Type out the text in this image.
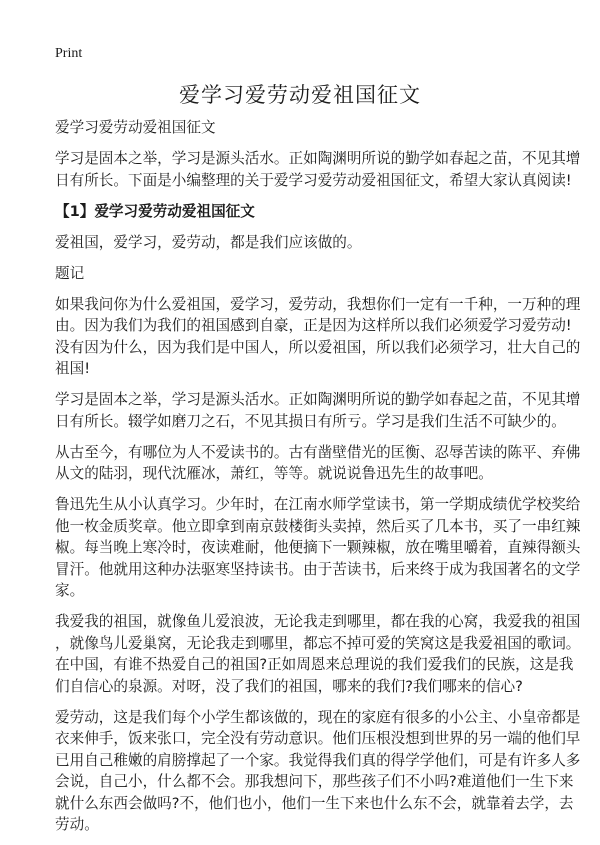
Print
爱学习爱劳动爱祖国征文
爱学习爱劳动爱祖国征文
学习是固本之举，学习是源头活水。正如陶渊明所说的勤学如春起之苗，不见其增
日有所长。下面是小编整理的关于爱学习爱劳动爱祖国征文，希望大家认真阅读!
【1】爱学习爱劳动爱祖国征文
爱祖国，爱学习，爱劳动，都是我们应该做的。
题记
如果我问你为什么爱祖国，爱学习，爱劳动，我想你们一定有一千种，一万种的理
由。因为我们为我们的祖国感到自豪，正是因为这样所以我们必须爱学习爱劳动!
没有因为什么，因为我们是中国人，所以爱祖国，所以我们必须学习，壮大自己的
祖国!
学习是固本之举，学习是源头活水。正如陶渊明所说的勤学如春起之苗，不见其增
日有所长。辍学如磨刀之石，不见其损日有所亏。学习是我们生活不可缺少的。
从古至今，有哪位为人不爱读书的。古有凿壁借光的匡衡、忍辱苦读的陈平、弃佛
从文的陆羽，现代沈雁冰，萧红，等等。就说说鲁迅先生的故事吧。
鲁迅先生从小认真学习。少年时，在江南水师学堂读书，第一学期成绩优学校奖给
他一枚金质奖章。他立即拿到南京鼓楼街头卖掉，然后买了几本书，买了一串红辣
椒。每当晚上寒冷时，夜读难耐，他便摘下一颗辣椒，放在嘴里嚼着，直辣得额头
冒汗。他就用这种办法驱寒坚持读书。由于苦读书，后来终于成为我国著名的文学
家。
我爱我的祖国，就像鱼儿爱浪波，无论我走到哪里，都在我的心窝，我爱我的祖国
，就像鸟儿爱巢窝，无论我走到哪里，都忘不掉可爱的笑窝这是我爱祖国的歌词。
在中国，有谁不热爱自己的祖国?正如周恩来总理说的我们爱我们的民族，这是我
们自信心的泉源。对呀，没了我们的祖国，哪来的我们?我们哪来的信心?
爱劳动，这是我们每个小学生都该做的，现在的家庭有很多的小公主、小皇帝都是
衣来伸手，饭来张口，完全没有劳动意识。他们压根没想到世界的另一端的他们早
已用自己稚嫩的肩膀撑起了一个家。我觉得我们真的得学学他们，可是有许多人多
会说，自己小，什么都不会。那我想问下，那些孩子们不小吗?难道他们一生下来
就什么东西会做吗?不，他们也小，他们一生下来也什么东不会，就靠着去学，去
劳动。
